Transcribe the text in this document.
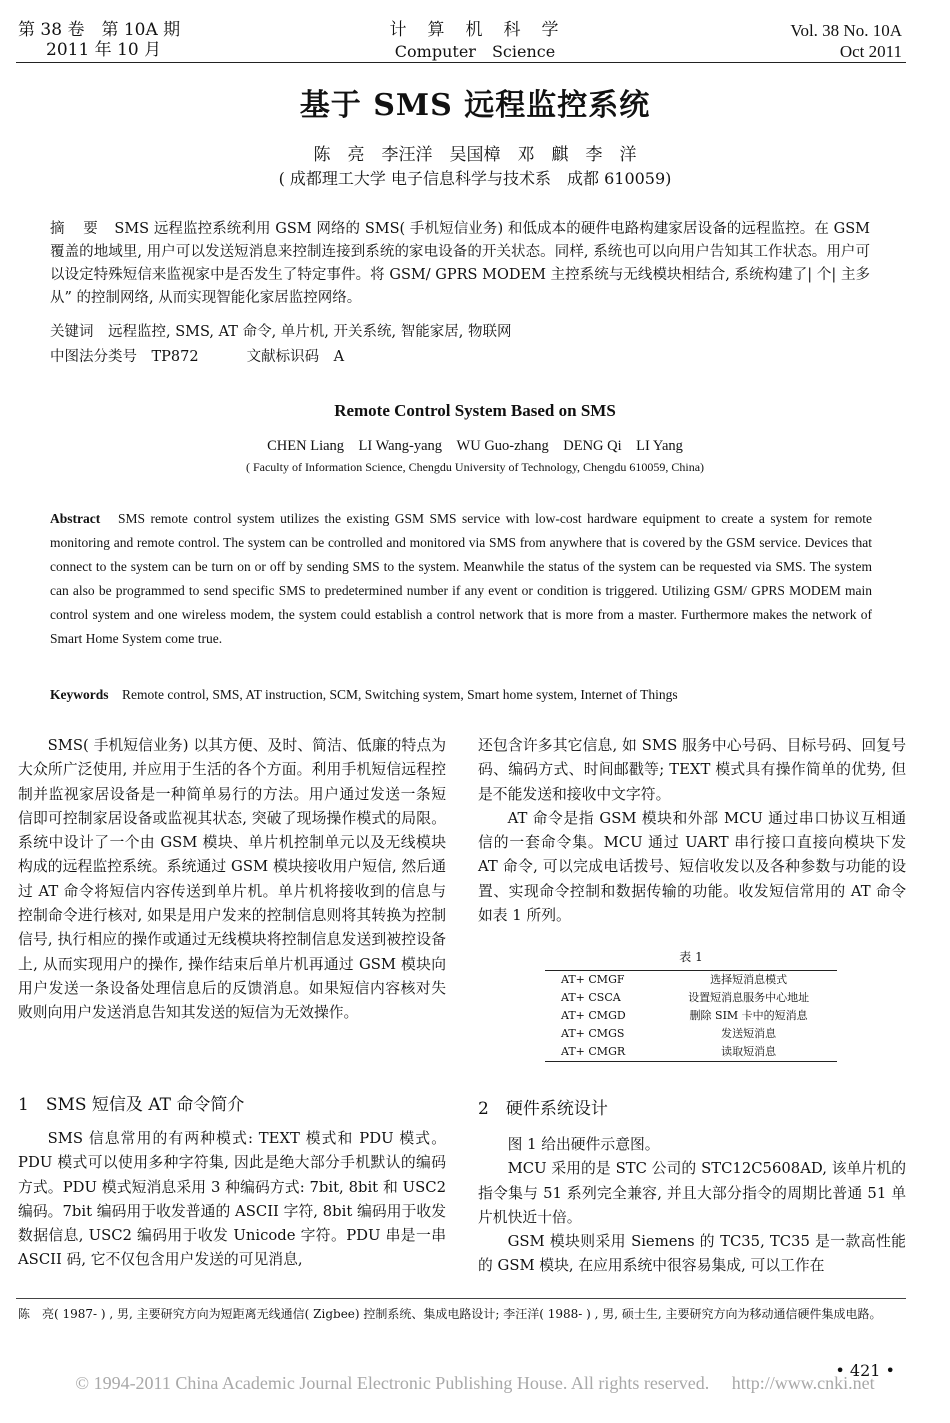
第 38 卷　第 10A 期
2011 年 10 月
计　算　机　科　学
Computer　Science
Vol. 38 No. 10A
Oct 2011
基于 SMS 远程监控系统
陈　亮　李汪洋　吴国樟　邓　麒　李　洋
( 成都理工大学 电子信息科学与技术系　成都 610059)
摘　要　 SMS 远程监控系统利用 GSM 网络的 SMS( 手机短信业务) 和低成本的硬件电路构建家居设备的远程监控。在 GSM 覆盖的地域里, 用户可以发送短消息来控制连接到系统的家电设备的开关状态。同样, 系统也可以向用户告知其工作状态。用户可以设定特殊短信来监视家中是否发生了特定事件。将 GSM/ GPRS MODEM 主控系统与无线模块相结合, 系统构建了| 个| 主多从” 的控制网络, 从而实现智能化家居监控网络。
关键词　 远程监控, SMS, AT 命令, 单片机, 开关系统, 智能家居, 物联网
中图法分类号　 TP872	文献标识码　 A
Remote Control System Based on SMS
CHEN Liang　LI Wang-yang　WU Guo-zhang　DENG Qi　LI Yang
( Faculty of Information Science, Chengdu University of Technology, Chengdu 610059, China)
Abstract　 SMS remote control system utilizes the existing GSM SMS service with low-cost hardware equipment to create a system for remote monitoring and remote control. The system can be controlled and monitored via SMS from anywhere that is covered by the GSM service. Devices that connect to the system can be turn on or off by sending SMS to the system. Meanwhile the status of the system can be requested via SMS. The system can also be programmed to send specific SMS to predetermined number if any event or condition is triggered. Utilizing GSM/ GPRS MODEM main control system and one wireless modem, the system could establish a control network that is more from a master. Furthermore makes the network of Smart Home System come true.
Keywords　 Remote control, SMS, AT instruction, SCM, Switching system, Smart home system, Internet of Things

SMS( 手机短信业务) 以其方便、及时、简洁、低廉的特点为大众所广泛使用, 并应用于生活的各个方面。利用手机短信远程控制并监视家居设备是一种简单易行的方法。用户通过发送一条短信即可控制家居设备或监视其状态, 突破了现场操作模式的局限。系统中设计了一个由 GSM 模块、单片机控制单元以及无线模块构成的远程监控系统。系统通过 GSM 模块接收用户短信, 然后通过 AT 命令将短信内容传送到单片机。单片机将接收到的信息与控制命令进行核对, 如果是用户发来的控制信息则将其转换为控制信号, 执行相应的操作或通过无线模块将控制信息发送到被控设备上, 从而实现用户的操作, 操作结束后单片机再通过 GSM 模块向用户发送一条设备处理信息后的反馈消息。如果短信内容核对失败则向用户发送消息告知其发送的短信为无效操作。

1　SMS 短信及 AT 命令简介

SMS 信息常用的有两种模式: TEXT 模式和 PDU 模式。PDU 模式可以使用多种字符集, 因此是绝大部分手机默认的编码方式。PDU 模式短消息采用 3 种编码方式: 7bit, 8bit 和 USC2 编码。7bit 编码用于收发普通的 ASCII 字符, 8bit 编码用于收发数据信息, USC2 编码用于收发 Unicode 字符。PDU 串是一串 ASCII 码, 它不仅包含用户发送的可见消息,

还包含许多其它信息, 如 SMS 服务中心号码、目标号码、回复号码、编码方式、时间邮戳等; TEXT 模式具有操作简单的优势, 但是不能发送和接收中文字符。

AT 命令是指 GSM 模块和外部 MCU 通过串口协议互相通信的一套命令集。MCU 通过 UART 串行接口直接向模块下发 AT 命令, 可以完成电话拨号、短信收发以及各种参数与功能的设置、实现命令控制和数据传输的功能。收发短信常用的 AT 命令如表 1 所列。

表 1
AT+ CMGF	选择短消息模式
AT+ CSCA	设置短消息服务中心地址
AT+ CMGD	删除 SIM 卡中的短消息
AT+ CMGS	发送短消息
AT+ CMGR	读取短消息
2　硬件系统设计

图 1 给出硬件示意图。

MCU 采用的是 STC 公司的 STC12C5608AD, 该单片机的指令集与 51 系列完全兼容, 并且大部分指令的周期比普通 51 单片机快近十倍。

GSM 模块则采用 Siemens 的 TC35, TC35 是一款高性能的 GSM 模块, 在应用系统中很容易集成, 可以工作在

陈　亮( 1987- ) , 男, 主要研究方向为短距离无线通信( Zigbee) 控制系统、集成电路设计; 李汪洋( 1988- ) , 男, 硕士生, 主要研究方向为移动通信硬件集成电路。
• 421 •
© 1994-2011 China Academic Journal Electronic Publishing House. All rights reserved.　 http://www.cnki.net
